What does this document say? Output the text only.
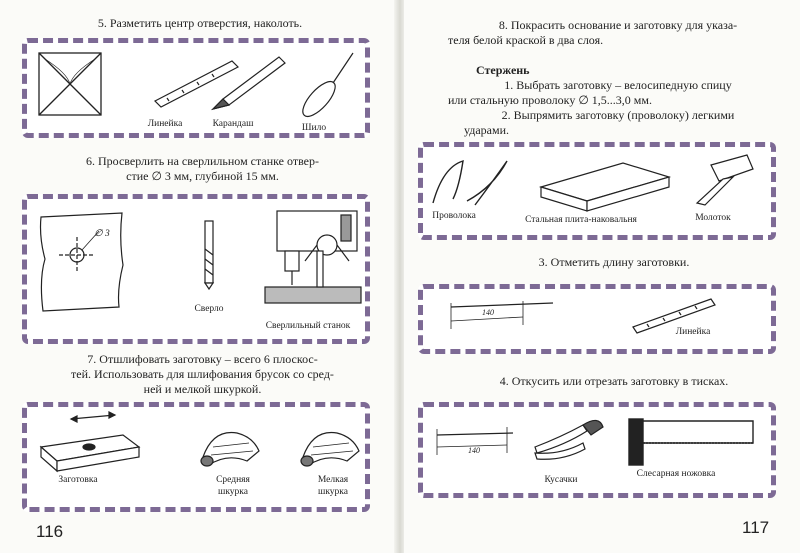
5. Разметить центр отверстия, наколоть.
Линейка	Карандаш	Шило
6. Просверлить на сверлильном станке отвер-
стие ∅ 3 мм, глубиной 15 мм.
∅ 3
Сверло
Сверлильный станок
7. Отшлифовать заготовку – всего 6 плоскос-
тей. Использовать для шлифования брусок со сред-
ней и мелкой шкуркой.
Заготовка	Средняя
шкурка
Мелкая
шкурка
116
8. Покрасить основание и заготовку для указа-
теля белой краской в два слоя.
Стержень
1. Выбрать заготовку – велосипедную спицу
или стальную проволоку ∅ 1,5...3,0 мм.
2. Выпрямить заготовку (проволоку) легкими
ударами.
Проволока	Стальная плита-наковальня	Молоток
3. Отметить длину заготовки.
140
Линейка
4. Откусить или отрезать заготовку в тисках.
140
Кусачки
Слесарная ножовка
117
